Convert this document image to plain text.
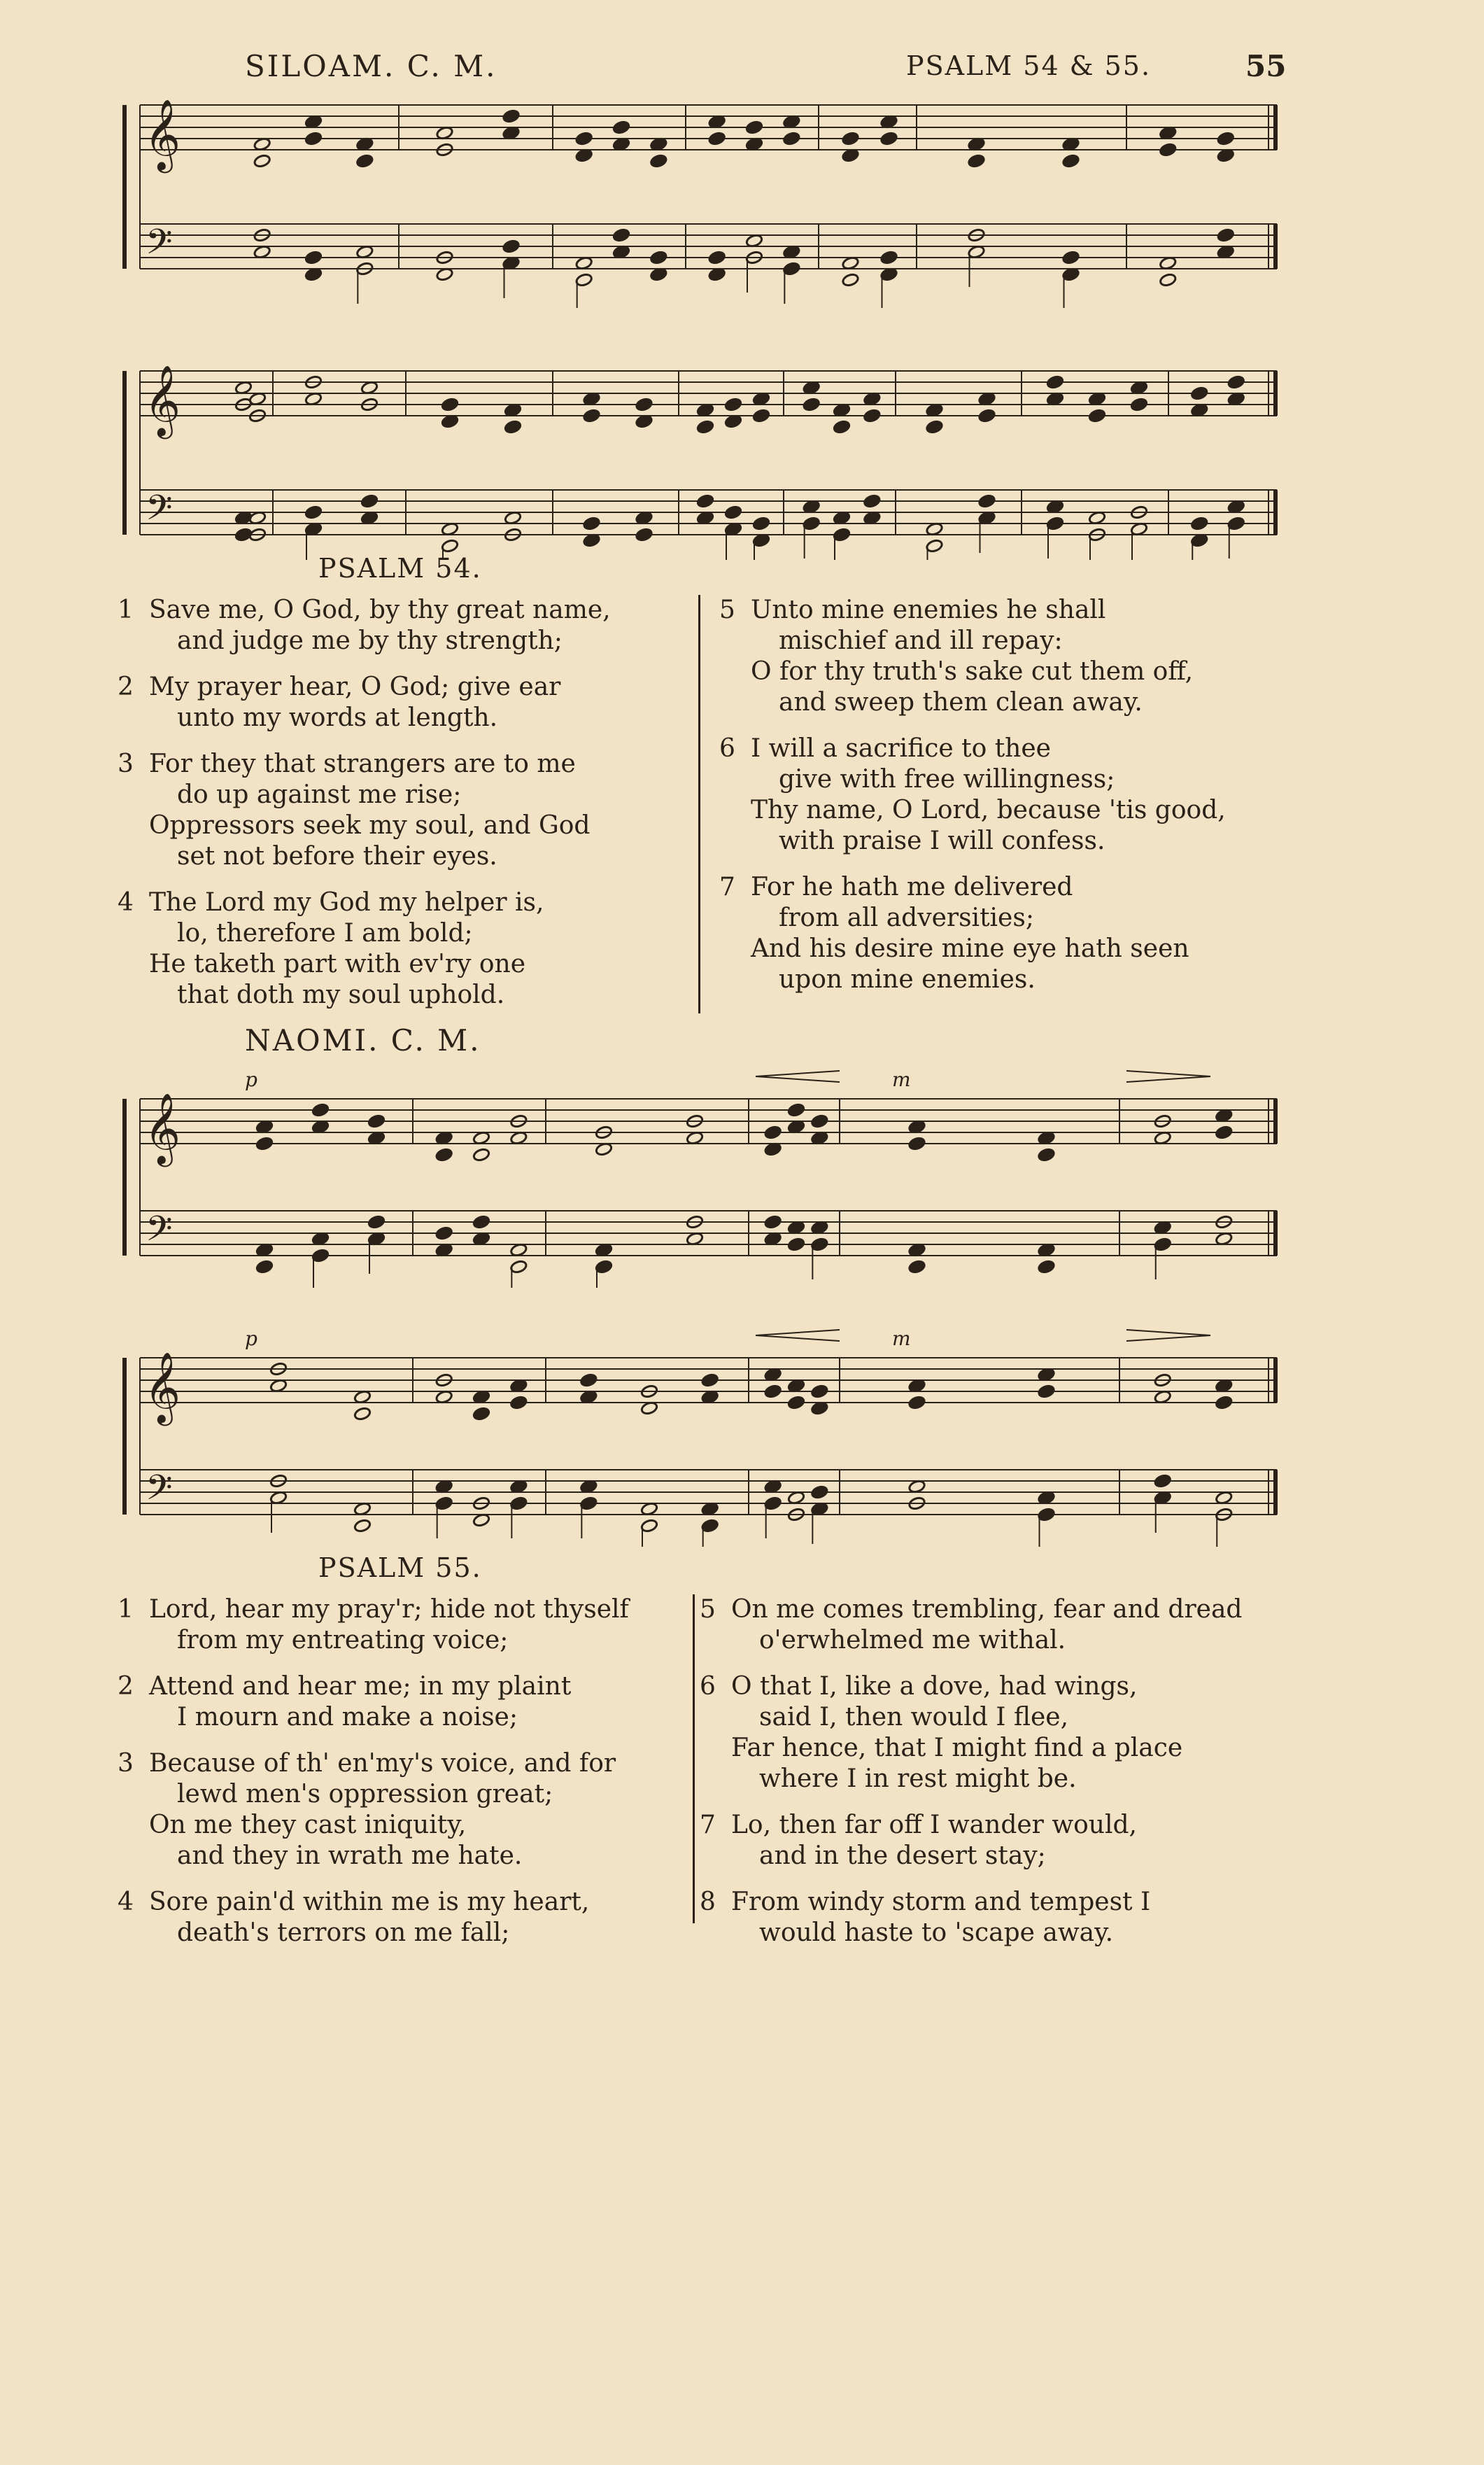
SILOAM. C. M.	PSALM 54 & 55.	55
𝄞
𝄢
𝄞
𝄢
PSALM 54.
1 Save me, O God, by thy great name,
and judge me by thy strength;
2 My prayer hear, O God; give ear
unto my words at length.
3 For they that strangers are to me
do up against me rise;
Oppressors seek my soul, and God
set not before their eyes.
4 The Lord my God my helper is,
lo, therefore I am bold;
He taketh part with ev'ry one
that doth my soul uphold.
5 Unto mine enemies he shall
mischief and ill repay:
O for thy truth's sake cut them off,
and sweep them clean away.
6 I will a sacrifice to thee
give with free willingness;
Thy name, O Lord, because 'tis good,
with praise I will confess.
7 For he hath me delivered
from all adversities;
And his desire mine eye hath seen
upon mine enemies.
NAOMI. C. M.
𝄞
𝄢
p	m
𝄞
𝄢
p	m
PSALM 55.
1 Lord, hear my pray'r; hide not thyself
from my entreating voice;
2 Attend and hear me; in my plaint
I mourn and make a noise;
3 Because of th' en'my's voice, and for
lewd men's oppression great;
On me they cast iniquity,
and they in wrath me hate.
4 Sore pain'd within me is my heart,
death's terrors on me fall;
5 On me comes trembling, fear and dread
o'erwhelmed me withal.
6 O that I, like a dove, had wings,
said I, then would I flee,
Far hence, that I might find a place
where I in rest might be.
7 Lo, then far off I wander would,
and in the desert stay;
8 From windy storm and tempest I
would haste to 'scape away.
